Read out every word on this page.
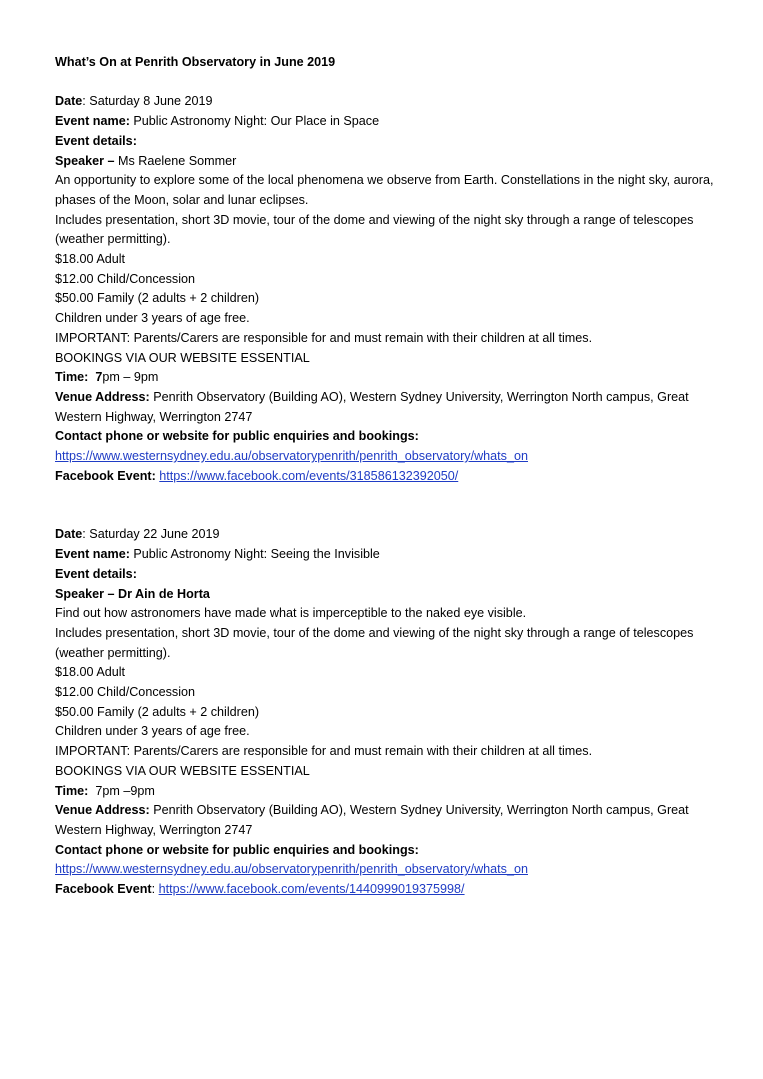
What’s On at Penrith Observatory in June 2019

Date: Saturday 8 June 2019

Event name: Public Astronomy Night: Our Place in Space

Event details:

Speaker – Ms Raelene Sommer

An opportunity to explore some of the local phenomena we observe from Earth. Constellations in the night sky, aurora, phases of the Moon, solar and lunar eclipses.

Includes presentation, short 3D movie, tour of the dome and viewing of the night sky through a range of telescopes (weather permitting).

$18.00 Adult

$12.00 Child/Concession

$50.00 Family (2 adults + 2 children)

Children under 3 years of age free.

IMPORTANT: Parents/Carers are responsible for and must remain with their children at all times.

BOOKINGS VIA OUR WEBSITE ESSENTIAL

Time: 7pm – 9pm

Venue Address: Penrith Observatory (Building AO), Western Sydney University, Werrington North campus, Great Western Highway, Werrington 2747

Contact phone or website for public enquiries and bookings:

https://www.westernsydney.edu.au/observatorypenrith/penrith_observatory/whats_on

Facebook Event: https://www.facebook.com/events/318586132392050/

Date: Saturday 22 June 2019

Event name: Public Astronomy Night: Seeing the Invisible

Event details:

Speaker – Dr Ain de Horta

Find out how astronomers have made what is imperceptible to the naked eye visible.

Includes presentation, short 3D movie, tour of the dome and viewing of the night sky through a range of telescopes (weather permitting).

$18.00 Adult

$12.00 Child/Concession

$50.00 Family (2 adults + 2 children)

Children under 3 years of age free.

IMPORTANT: Parents/Carers are responsible for and must remain with their children at all times.

BOOKINGS VIA OUR WEBSITE ESSENTIAL

Time: 7pm –9pm

Venue Address: Penrith Observatory (Building AO), Western Sydney University, Werrington North campus, Great Western Highway, Werrington 2747

Contact phone or website for public enquiries and bookings:

https://www.westernsydney.edu.au/observatorypenrith/penrith_observatory/whats_on

Facebook Event: https://www.facebook.com/events/1440999019375998/
